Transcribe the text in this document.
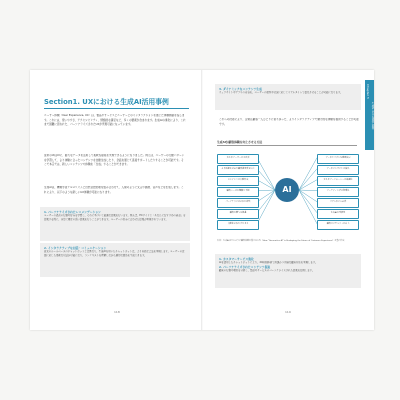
Section1. UXにおける生成AI活用事例

ユーザー体験（User Experience, UX）は、製品やサービスとユーザーとのインタラクションを通じた体験価値を指します。これには、使いやすさ、アクセシビリティ、情緒的な満足など、多くの要素が含まれます。生成AIの進化により、これまで困難に思われた、パーソナライズされたUXが実現可能になっています。

従来のUIはUIに、膨大なデータを活用して柔軟な提案を実現できるようになりました。例えば、ユーザーの行動パターンを学習して、より体験に合ったコンテンツを自動生成したり、会話を通じて直接サポートしたりすることが可能です。そこで本章では、新しいコンテンツや体験を「生成」することができます。

生成AIは、機械学習アルゴリズムと自然言語処理を組み合わせて、人間のように文章や画像、音声などを生成します。これにより、以下のような新しいUX体験が可能になります。

1. パーソナライズされたレコメンデーション
ユーザーの過去の行動や好みを学習し、それに基づいて最適な提案を行います。例えば、ECサイトで「あなたにおすすめの商品」を提案する際に、非常に精度の高い提案を行うことができます。ユーザーの好みに合わせた提案が実現されています。
2. インタラクティブな対話・コミュニケーション
従来のルールベースのチャットボットとは異なり、生成AIを用いたチャットボットは、より自然な会話を実現します。ユーザーの意図に応じた柔軟な対話が可能になり、コンテキストを理解しながら適切な回答を生成できます。
118
3. ダイナミックなコンテンツ生成
ウェブサイトやアプリの内容を、ユーザーの属性や状況に応じてリアルタイムで変化させることが可能になります。

これらの技術により、企業は顧客一人ひとりに寄り添った、よりインタラクティブで魅力的な体験を提供することが可能です。

生成AIが顧客体験を向上させる方法
AI
カスタマーサービス改善
より迅速な対応で顧客満足度を向上
コンテンツの自動作成
顧客ニーズの理解と予測
パーソナライズされた推奨
顧客の関与を促進
自動化されたプロセス
データドリブンな意思決定
データインサイトの抽出
カスタマージャーニーの最適化
マーケティングの効率化
リアルタイム応答
生成AIの可能性
顧客ロイヤルティの向上
出典：生成AIはどのように顧客体験を変えるのか（How "Generative AI" is Reshaping the Future of Customer Experience）を基に作成
1. カスタマーサービス強化
AIを活用したチャットボットにより、24時間体制で迅速かつ正確な顧客対応を実現します。
2. パーソナライズされたコンテンツ提案
顧客の行動や嗜好を分析し、製品やサービスのパーソナライズされた提案を提供します。
119
Chapter 5
生成AIとUXの関係と事例
